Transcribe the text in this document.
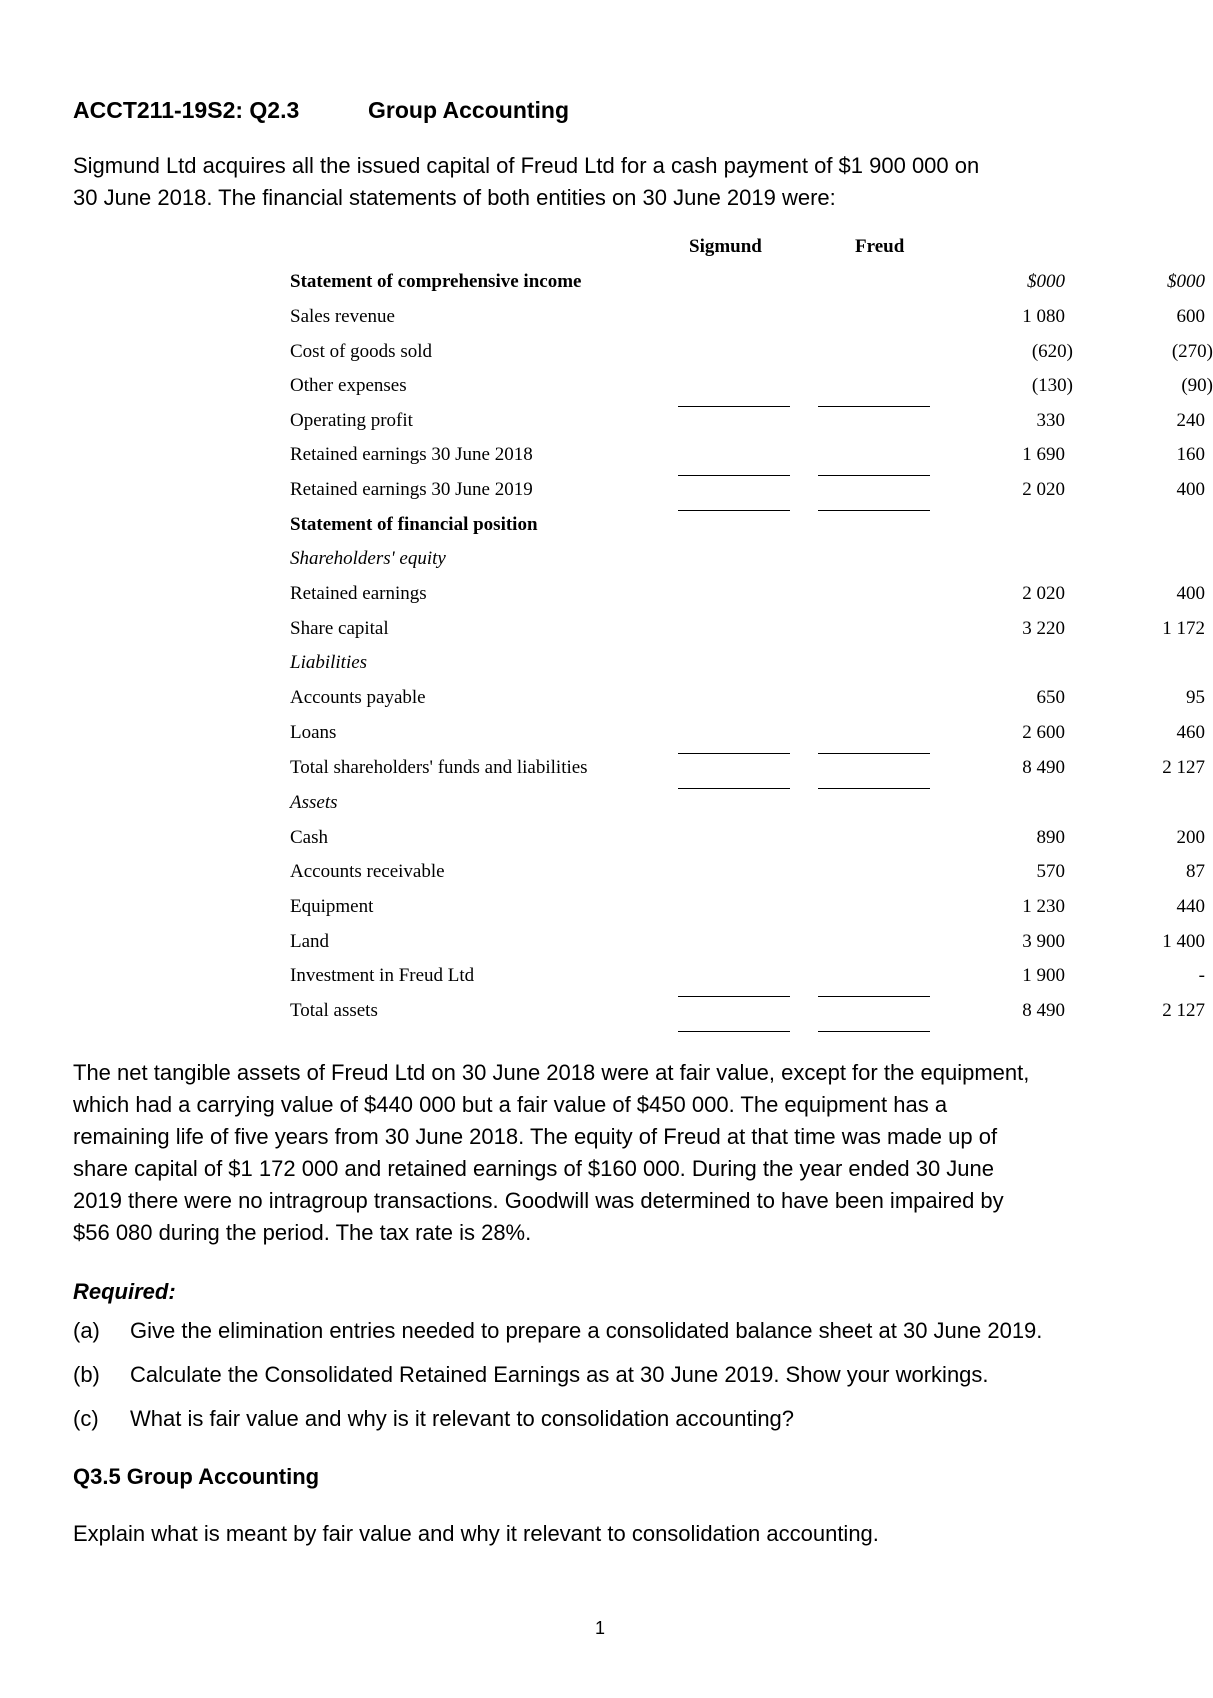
ACCT211-19S2: Q2.3	Group Accounting
Sigmund Ltd acquires all the issued capital of Freud Ltd for a cash payment of $1 900 000 on
30 June 2018. The financial statements of both entities on 30 June 2019 were:
Sigmund	Freud
Statement of comprehensive income	$000	$000
Sales revenue	1 080	600
Cost of goods sold	(620)	(270)
Other expenses	(130)	(90)
Operating profit	330	240
Retained earnings 30 June 2018	1 690	160
Retained earnings 30 June 2019	2 020	400
Statement of financial position
Shareholders' equity
Retained earnings	2 020	400
Share capital	3 220	1 172
Liabilities
Accounts payable	650	95
Loans	2 600	460
Total shareholders' funds and liabilities	8 490	2 127
Assets
Cash	890	200
Accounts receivable	570	87
Equipment	1 230	440
Land	3 900	1 400
Investment in Freud Ltd	1 900	-
Total assets	8 490	2 127
The net tangible assets of Freud Ltd on 30 June 2018 were at fair value, except for the equipment,
which had a carrying value of $440 000 but a fair value of $450 000. The equipment has a
remaining life of five years from 30 June 2018. The equity of Freud at that time was made up of
share capital of $1 172 000 and retained earnings of $160 000. During the year ended 30 June
2019 there were no intragroup transactions. Goodwill was determined to have been impaired by
$56 080 during the period. The tax rate is 28%.
Required:
(a) Give the elimination entries needed to prepare a consolidated balance sheet at 30 June 2019.
(b) Calculate the Consolidated Retained Earnings as at 30 June 2019. Show your workings.
(c) What is fair value and why is it relevant to consolidation accounting?
Q3.5 Group Accounting
Explain what is meant by fair value and why it relevant to consolidation accounting.
1
